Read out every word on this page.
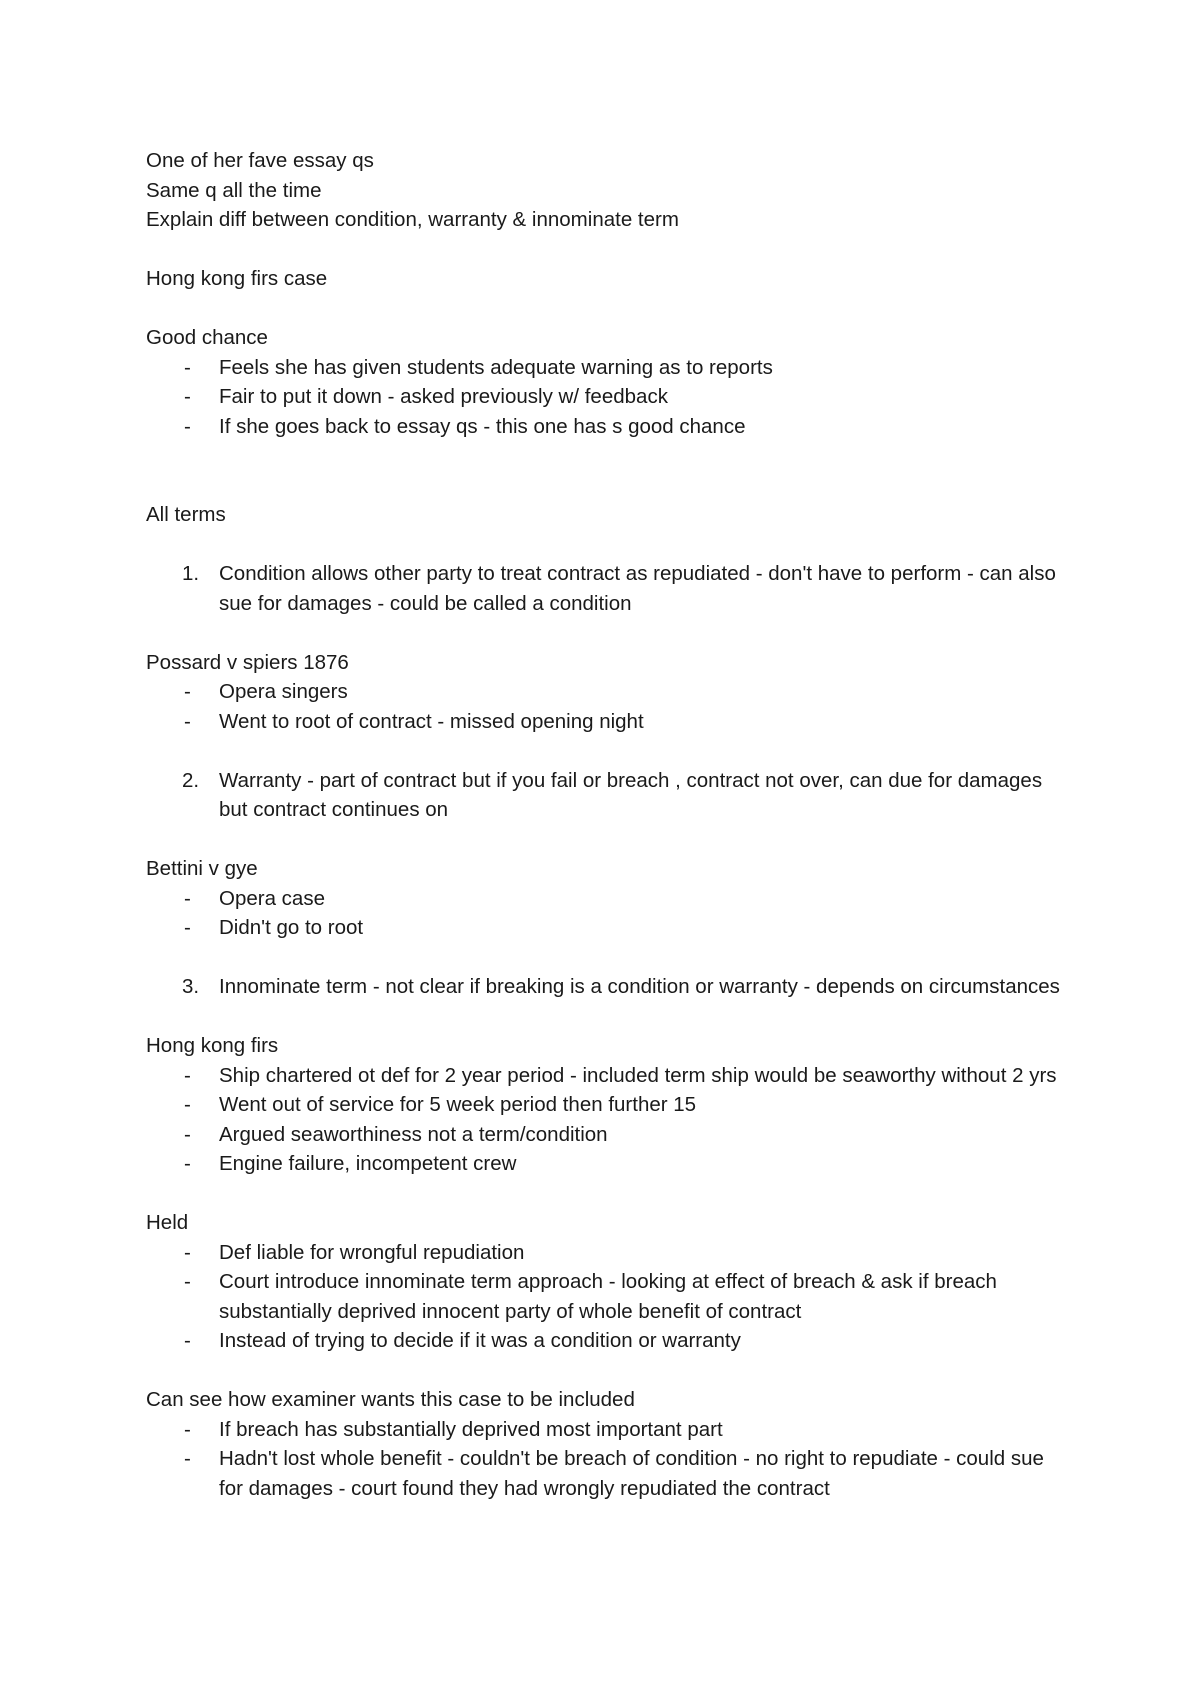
One of her fave essay qs

Same q all the time

Explain diff between condition, warranty & innominate term

Hong kong firs case

Good chance

- Feels she has given students adequate warning as to reports
- Fair to put it down - asked previously w/ feedback
- If she goes back to essay qs - this one has s good chance

All terms

1. Condition allows other party to treat contract as repudiated - don't have to perform - can also sue for damages - could be called a condition

Possard v spiers 1876

- Opera singers
- Went to root of contract - missed opening night
2. Warranty - part of contract but if you fail or breach , contract not over, can due for damages but contract continues on

Bettini v gye

- Opera case
- Didn't go to root
3. Innominate term - not clear if breaking is a condition or warranty - depends on circumstances

Hong kong firs

- Ship chartered ot def for 2 year period - included term ship would be seaworthy without 2 yrs
- Went out of service for 5 week period then further 15
- Argued seaworthiness not a term/condition
- Engine failure, incompetent crew

Held

- Def liable for wrongful repudiation
- Court introduce innominate term approach - looking at effect of breach & ask if breach substantially deprived innocent party of whole benefit of contract
- Instead of trying to decide if it was a condition or warranty

Can see how examiner wants this case to be included

- If breach has substantially deprived most important part
- Hadn't lost whole benefit - couldn't be breach of condition - no right to repudiate - could sue for damages - court found they had wrongly repudiated the contract
